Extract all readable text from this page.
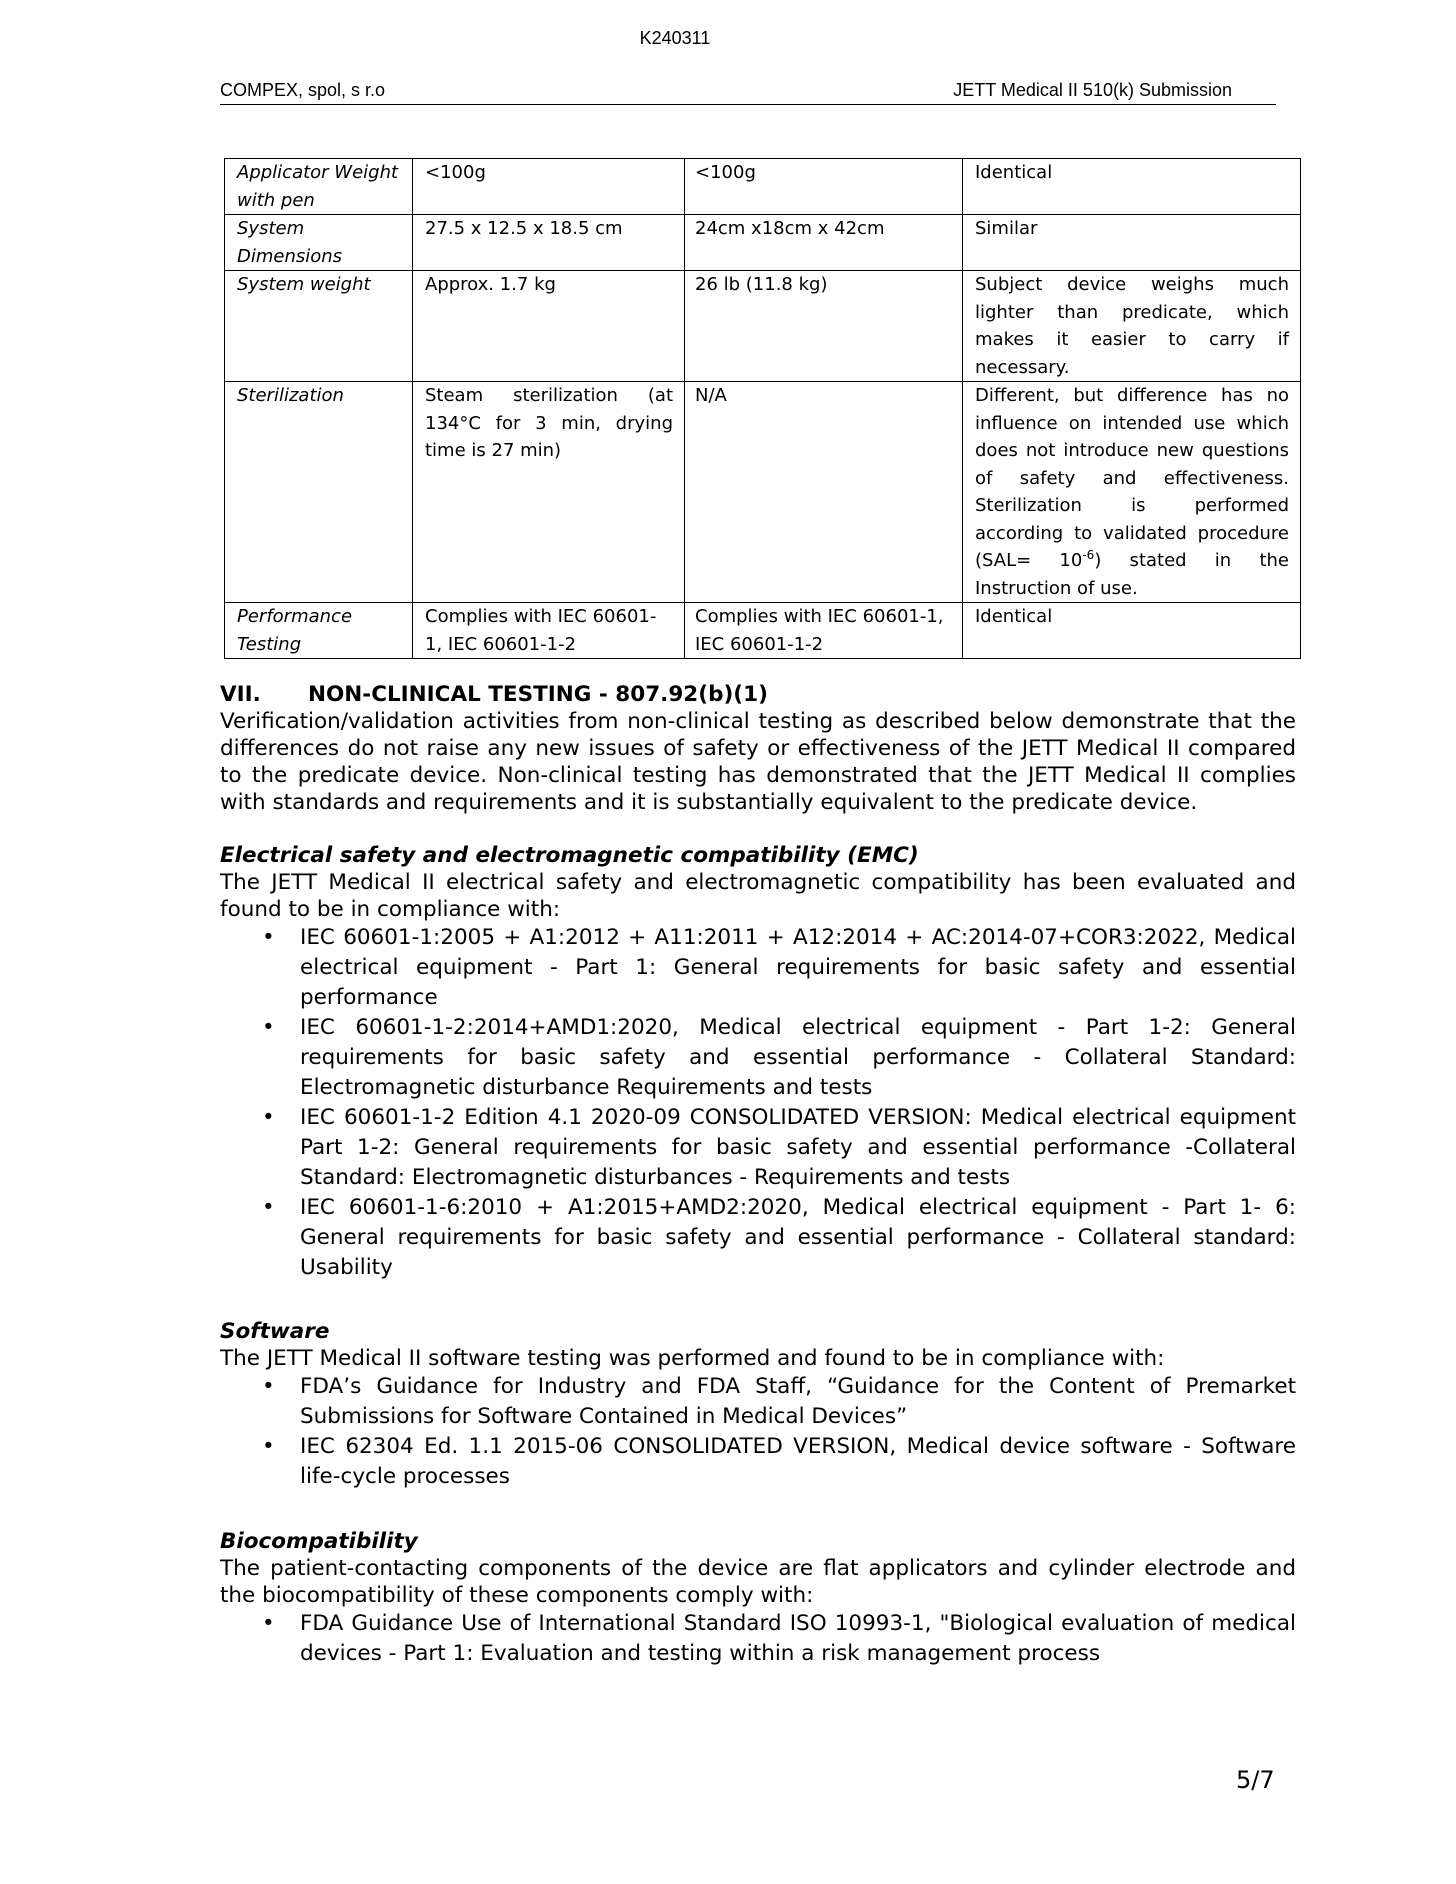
K240311
COMPEX, spol, s r.o	JETT Medical II 510(k) Submission
Applicator Weight with pen	<100g	<100g	Identical
System Dimensions	27.5 x 12.5 x 18.5 cm	24cm x18cm x 42cm	Similar
System weight	Approx. 1.7 kg	26 lb (11.8 kg)	Subject device weighs much lighter than predicate, which makes it easier to carry if necessary.
Sterilization	Steam sterilization (at 134°C for 3 min, drying time is 27 min)	N/A	Different, but difference has no influence on intended use which does not introduce new questions of safety and effectiveness. Sterilization is performed according to validated procedure $(SAL= 10^{-6})$ stated in the Instruction of use.
Performance Testing	Complies with IEC 60601-1, IEC 60601-1-2	Complies with IEC 60601-1, IEC 60601-1-2	Identical
VII. NON-CLINICAL TESTING - 807.92(b)(1)
Verification/validation activities from non-clinical testing as described below demonstrate that the differences do not raise any new issues of safety or effectiveness of the JETT Medical II compared to the predicate device. Non-clinical testing has demonstrated that the JETT Medical II complies with standards and requirements and it is substantially equivalent to the predicate device.
Electrical safety and electromagnetic compatibility (EMC)
The JETT Medical II electrical safety and electromagnetic compatibility has been evaluated and found to be in compliance with:
• IEC 60601-1:2005 + A1:2012 + A11:2011 + A12:2014 + AC:2014-07+COR3:2022, Medical electrical equipment - Part 1: General requirements for basic safety and essential performance
• IEC 60601-1-2:2014+AMD1:2020, Medical electrical equipment - Part 1-2: General requirements for basic safety and essential performance - Collateral Standard: Electromagnetic disturbance Requirements and tests
• IEC 60601-1-2 Edition 4.1 2020-09 CONSOLIDATED VERSION: Medical electrical equipment Part 1-2: General requirements for basic safety and essential performance -Collateral Standard: Electromagnetic disturbances - Requirements and tests
• IEC 60601-1-6:2010 + A1:2015+AMD2:2020, Medical electrical equipment - Part 1- 6: General requirements for basic safety and essential performance - Collateral standard: Usability
Software
The JETT Medical II software testing was performed and found to be in compliance with:
• FDA’s Guidance for Industry and FDA Staff, “Guidance for the Content of Premarket Submissions for Software Contained in Medical Devices”
• IEC 62304 Ed. 1.1 2015-06 CONSOLIDATED VERSION, Medical device software - Software life-cycle processes
Biocompatibility
The patient-contacting components of the device are flat applicators and cylinder electrode and the biocompatibility of these components comply with:
• FDA Guidance Use of International Standard ISO 10993-1, "Biological evaluation of medical devices - Part 1: Evaluation and testing within a risk management process
5/7
